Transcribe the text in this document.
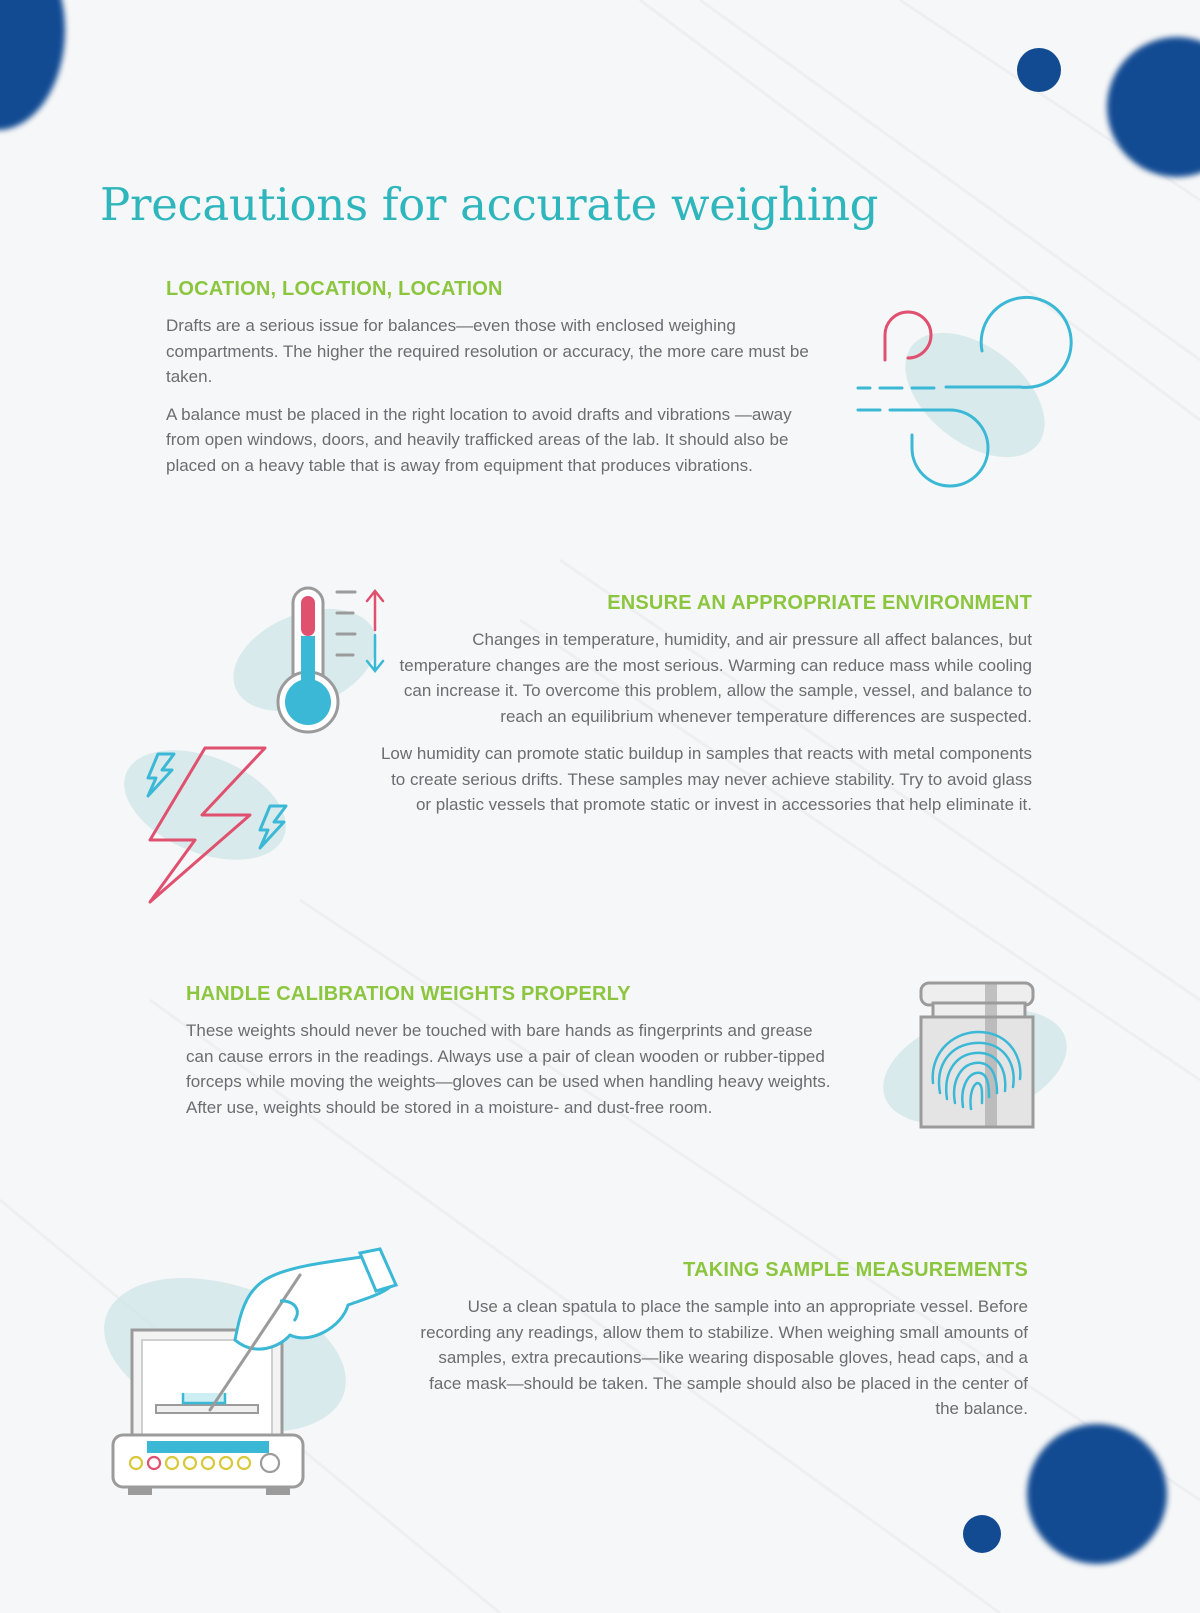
Precautions for accurate weighing
LOCATION, LOCATION, LOCATION

Drafts are a serious issue for balances—even those with enclosed weighing compartments. The higher the required resolution or accuracy, the more care must be taken.

A balance must be placed in the right location to avoid drafts and vibrations —away from open windows, doors, and heavily trafficked areas of the lab. It should also be placed on a heavy table that is away from equipment that produces vibrations.

ENSURE AN APPROPRIATE ENVIRONMENT

Changes in temperature, humidity, and air pressure all affect balances, but temperature changes are the most serious. Warming can reduce mass while cooling can increase it. To overcome this problem, allow the sample, vessel, and balance to reach an equilibrium whenever temperature differences are suspected.

Low humidity can promote static buildup in samples that reacts with metal components to create serious drifts. These samples may never achieve stability. Try to avoid glass or plastic vessels that promote static or invest in accessories that help eliminate it.

HANDLE CALIBRATION WEIGHTS PROPERLY

These weights should never be touched with bare hands as fingerprints and grease can cause errors in the readings. Always use a pair of clean wooden or rubber-tipped forceps while moving the weights—gloves can be used when handling heavy weights. After use, weights should be stored in a moisture- and dust-free room.

TAKING SAMPLE MEASUREMENTS

Use a clean spatula to place the sample into an appropriate vessel. Before recording any readings, allow them to stabilize. When weighing small amounts of samples, extra precautions—like wearing disposable gloves, head caps, and a face mask—should be taken. The sample should also be placed in the center of the balance.
